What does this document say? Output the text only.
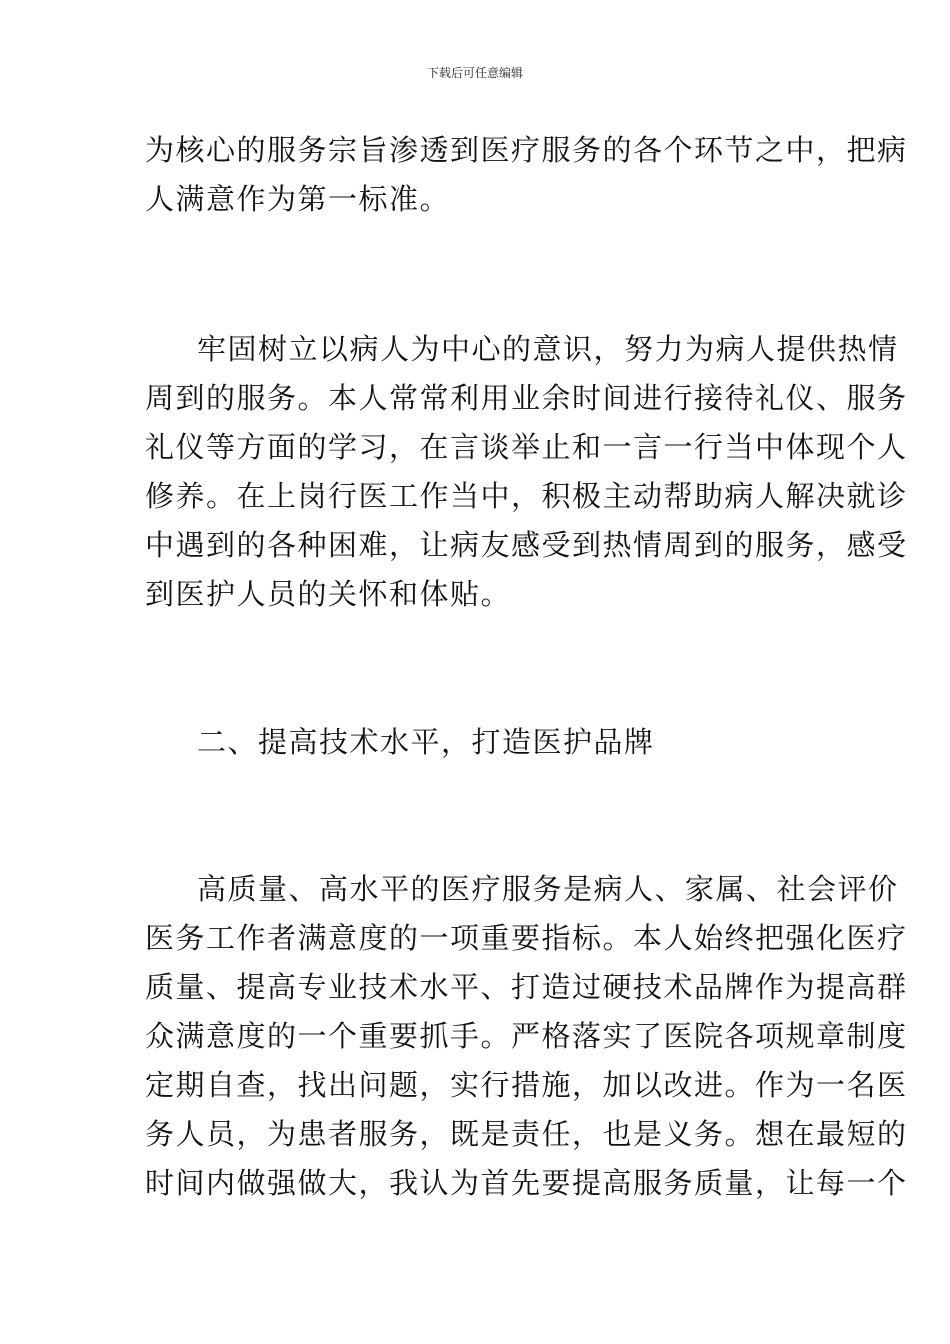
下载后可任意编辑
为核心的服务宗旨渗透到医疗服务的各个环节之中，把病
人满意作为第一标准。
牢固树立以病人为中心的意识，努力为病人提供热情
周到的服务。本人常常利用业余时间进行接待礼仪、服务
礼仪等方面的学习，在言谈举止和一言一行当中体现个人
修养。在上岗行医工作当中，积极主动帮助病人解决就诊
中遇到的各种困难，让病友感受到热情周到的服务，感受
到医护人员的关怀和体贴。
二、提高技术水平，打造医护品牌
高质量、高水平的医疗服务是病人、家属、社会评价
医务工作者满意度的一项重要指标。本人始终把强化医疗
质量、提高专业技术水平、打造过硬技术品牌作为提高群
众满意度的一个重要抓手。严格落实了医院各项规章制度
定期自查，找出问题，实行措施，加以改进。作为一名医
务人员，为患者服务，既是责任，也是义务。想在最短的
时间内做强做大，我认为首先要提高服务质量，让每一个
